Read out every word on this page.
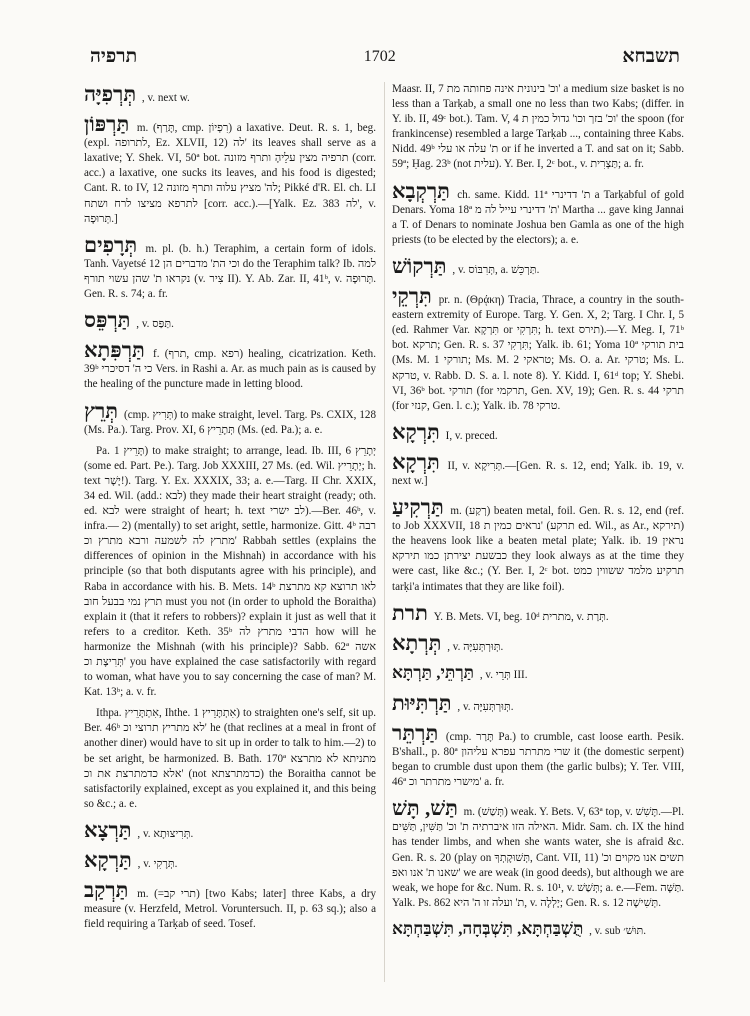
תרפיה	1702	תשבחא

תְּרְפִיָּה , v. next w.

תַּרְפּוֹן m. (תָּרַף, cmp. רִפְיוֹן) a laxative. Deut. R. s. 1, beg. (expl. לתרופה, Ez. XLVII, 12) לה' its leaves shall serve as a laxative; Y. Shek. VI, 50ª bot. תרפיה מצין עלֵיהָ ותרף מזונה (corr. acc.) a laxative, one sucks its leaves, and his food is digested; Cant. R. to IV, 12 לה' מציץ עלוה ותרף מזונה; Pikké d'R. El. ch. LI לתרפא מציצו לרח ושתח [corr. acc.).—[Yalk. Ez. 383 לה', v. תְּרוּפָה.]

תְּרָפִים m. pl. (b. h.) Teraphim, a certain form of idols. Tanh. Vayetsé 12 וכי הת' מדברים הן do the Teraphim talk? Ib. למה נקראו ת' שהן עשוי תורף (v. צִיר II). Y. Ab. Zar. II, 41ᵇ, v. תְּרוּפָה. Gen. R. s. 74; a. fr.

תַּרְפֵּס , v. תַּפַּס.

תַּרְפִּתָא f. (תרף, cmp. רפא) healing, cicatrization. Keth. 39ᵇ כי ה' דסיכרי Vers. in Rashi a. Ar. as much pain as is caused by the healing of the puncture made in letting blood.

תְּרֵץ (cmp. תְּרִיץ) to make straight, level. Targ. Ps. CXIX, 128 (Ms. Pa.). Targ. Prov. XI, 6 תְּתָרֵיץ (Ms. (ed. Pa.); a. e.

Pa. תָּרֵיץ 1) to make straight; to arrange, lead. Ib. III, 6 יְתָרֵץ (some ed. Part. Pe.). Targ. Job XXXIII, 27 Ms. (ed. Wil. יְתָרֵיץ; h. text יָשָׁר!). Targ. Y. Ex. XXXIX, 33; a. e.—Targ. II Chr. XXIX, 34 ed. Wil. (add.: לבא) they made their heart straight (ready; oth. ed. לבא were straight of heart; h. text לב ישרי).—Ber. 46ᵇ, v. infra.— 2) (mentally) to set aright, settle, harmonize. Gitt. 4ᵇ רבה מתרץ לה לשמעה ורבא מתרץ וכ' Rabbah settles (explains the differences of opinion in the Mishnah) in accordance with his principle (so that both disputants agree with his principle), and Raba in accordance with his. B. Mets. 14ᵇ לאו תרוצא קא מתרצת תרץ נמי בבעל חוב must you not (in order to uphold the Boraitha) explain it (that it refers to robbers)? explain it just as well that it refers to a creditor. Keth. 35ᵇ הדבי מתרץ לה how will he harmonize the Mishnah (with his principle)? Sabb. 62ª אשה תְּרִיצָת וכ' you have explained the case satisfactorily with regard to woman, what have you to say concerning the case of man? M. Kat. 13ᵇ; a. v. fr.

Ithpa. אִתְתָּרֵיץ, Ihthe. אִתְתָּרֵיץ 1) to straighten one's self, sit up. Ber. 46ᵇ לא מתריץ תרוצי וכ' he (that reclines at a meal in front of another diner) would have to sit up in order to talk to him.—2) to be set aright, be harmonized. B. Bath. 170ª מתניתא לא מתרצא אלא כדמתרצת את וכ' (not כדמתרצתא) the Boraitha cannot be satisfactorily explained, except as you explained it, and this being so &c.; a. e.

תַּרְצָא , v. תְּרִיצוּתָא.

תַּרְקָא , v. תְּרָקִי.

תַּרְקַב m. (=תרי קב) [two Kabs; later] three Kabs, a dry measure (v. Herzfeld, Metrol. Voruntersuch. II, p. 63 sq.); also a field requiring a Tarḳab of seed. Tosef.

Maasr. II, 7 וכ' בינונית אינה פחותה מת' a medium size basket is no less than a Tarḳab, a small one no less than two Kabs; (differ. in Y. ib. II, 49ᶜ bot.). Tam. V, 4 וכ' בזך וכו' גדול כמין ת' the spoon (for frankincense) resembled a large Tarḳab ..., containing three Kabs. Nidd. 49ᵇ ת' עלה או עלי or if he inverted a T. and sat on it; Sabb. 59ª; Ḥag. 23ᵇ (not עלית). Y. Ber. I, 2ᶜ bot., v. תַּצְרִית; a. fr.

תַּרְקְבָא ch. same. Kidd. 11ª ת' דדינרי a Tarḳabful of gold Denars. Yoma 18ª ת' דדינרי עייל לה מ' Martha ... gave king Jannai a T. of Denars to nominate Joshua ben Gamla as one of the high priests (to be elected by the electors); a. e.

תַּרְקוֹשׁ , v. תְּרִבּוֹס, a. תַּרְכֵּשׁ.

תִּרְקֵי pr. n. (Θρᾴκη) Tracia, Thrace, a country in the south-eastern extremity of Europe. Targ. Y. Gen. X, 2; Targ. I Chr. I, 5 (ed. Rahmer Var. תִּרְקָא or תִּרְקִי; h. text תירס).—Y. Meg. I, 71ᵇ bot. תרקא; Gen. R. s. 37 תִּרְקִי; Yalk. ib. 61; Yoma 10ª בית תורקי (Ms. M. 1 תורקי; Ms. M. 2 טראקי; Ms. O. a. Ar. טרקי; Ms. L. טרקא, v. Rabb. D. S. a. l. note 8). Y. Kidd. I, 61ᵈ top; Y. Shebi. VI, 36ᵇ bot. תורקי (for תרקמי, Gen. XV, 19); Gen. R. s. 44 תרקי (for קנזי, Gen. l. c.); Yalk. ib. 78 טרקי.

תִּרְקָא I, v. preced.

תִּרְקָא II, v. תְּרִיקָא.—[Gen. R. s. 12, end; Yalk. ib. 19, v. next w.]

תַּרְקִיעַ m. (רְקַע) beaten metal, foil. Gen. R. s. 12, end (ref. to Job XXXVII, 18 נראים כמין ת' (תרקע ed. Wil., as Ar., תירקא) the heavens look like a beaten metal plate; Yalk. ib. 19 נראין כבשעת יצירתן כמו תירקא they look always as at the time they were cast, like &c.; (Y. Ber. I, 2ᶜ bot. תרקיע מלמד ששווין כמט tarḳi'a intimates that they are like foil).

תרת Y. B. Mets. VI, beg. 10ᵈ מתרית, v. תְּרַת.

תְּרְתָא , v. תְּוּרְתְּעִיָּה.

תַּרְתֵּי, תַּרְתָּא , v. תְּרֵי III.

תַּרְתִּיּוּת , v. תְּוּרְתְּעִיָּה.

תַּרְתֵּר (cmp. תָּרַר Pa.) to crumble, cast loose earth. Pesik. B'shall., p. 80ª שרי מתרתר עפרא עליהון it (the domestic serpent) began to crumble dust upon them (the garlic bulbs); Y. Ter. VIII, 46ª מישרי מתרתר וכ' a. fr.

תַּשׁ, תָּשׁ m. (תְּשַׁשׁ) weak. Y. Bets. V, 63ª top, v. תָּשִׁשׁ.—Pl. האילה הזו איברתיה ת' וכ' תַּשִּׁין, תַּשִּׁים. Midr. Sam. ch. IX the hind has tender limbs, and when she wants water, she is afraid &c. Gen. R. s. 20 (play on תְּשׁוּקָתְךָ, Cant. VII, 11) תשים אנו מקוים וכ' שאנו ת' אנו ואפ' we are weak (in good deeds), but although we are weak, we hope for &c. Num. R. s. 10¹, v. תְּשַׁשׁ; a. e.—Fem. תַּשָּׁה. Yalk. Ps. 862 ת' ועלה זו ה' היא, v. יָלְלָה; Gen. R. s. 12 תְּשִׁישָׁה.

תֻּשְׁבַּחְתָּא, תִּשְׁבְּחָה, תִּשְׁבַּחְתָּא , v. sub תּוּשׁ׳.
